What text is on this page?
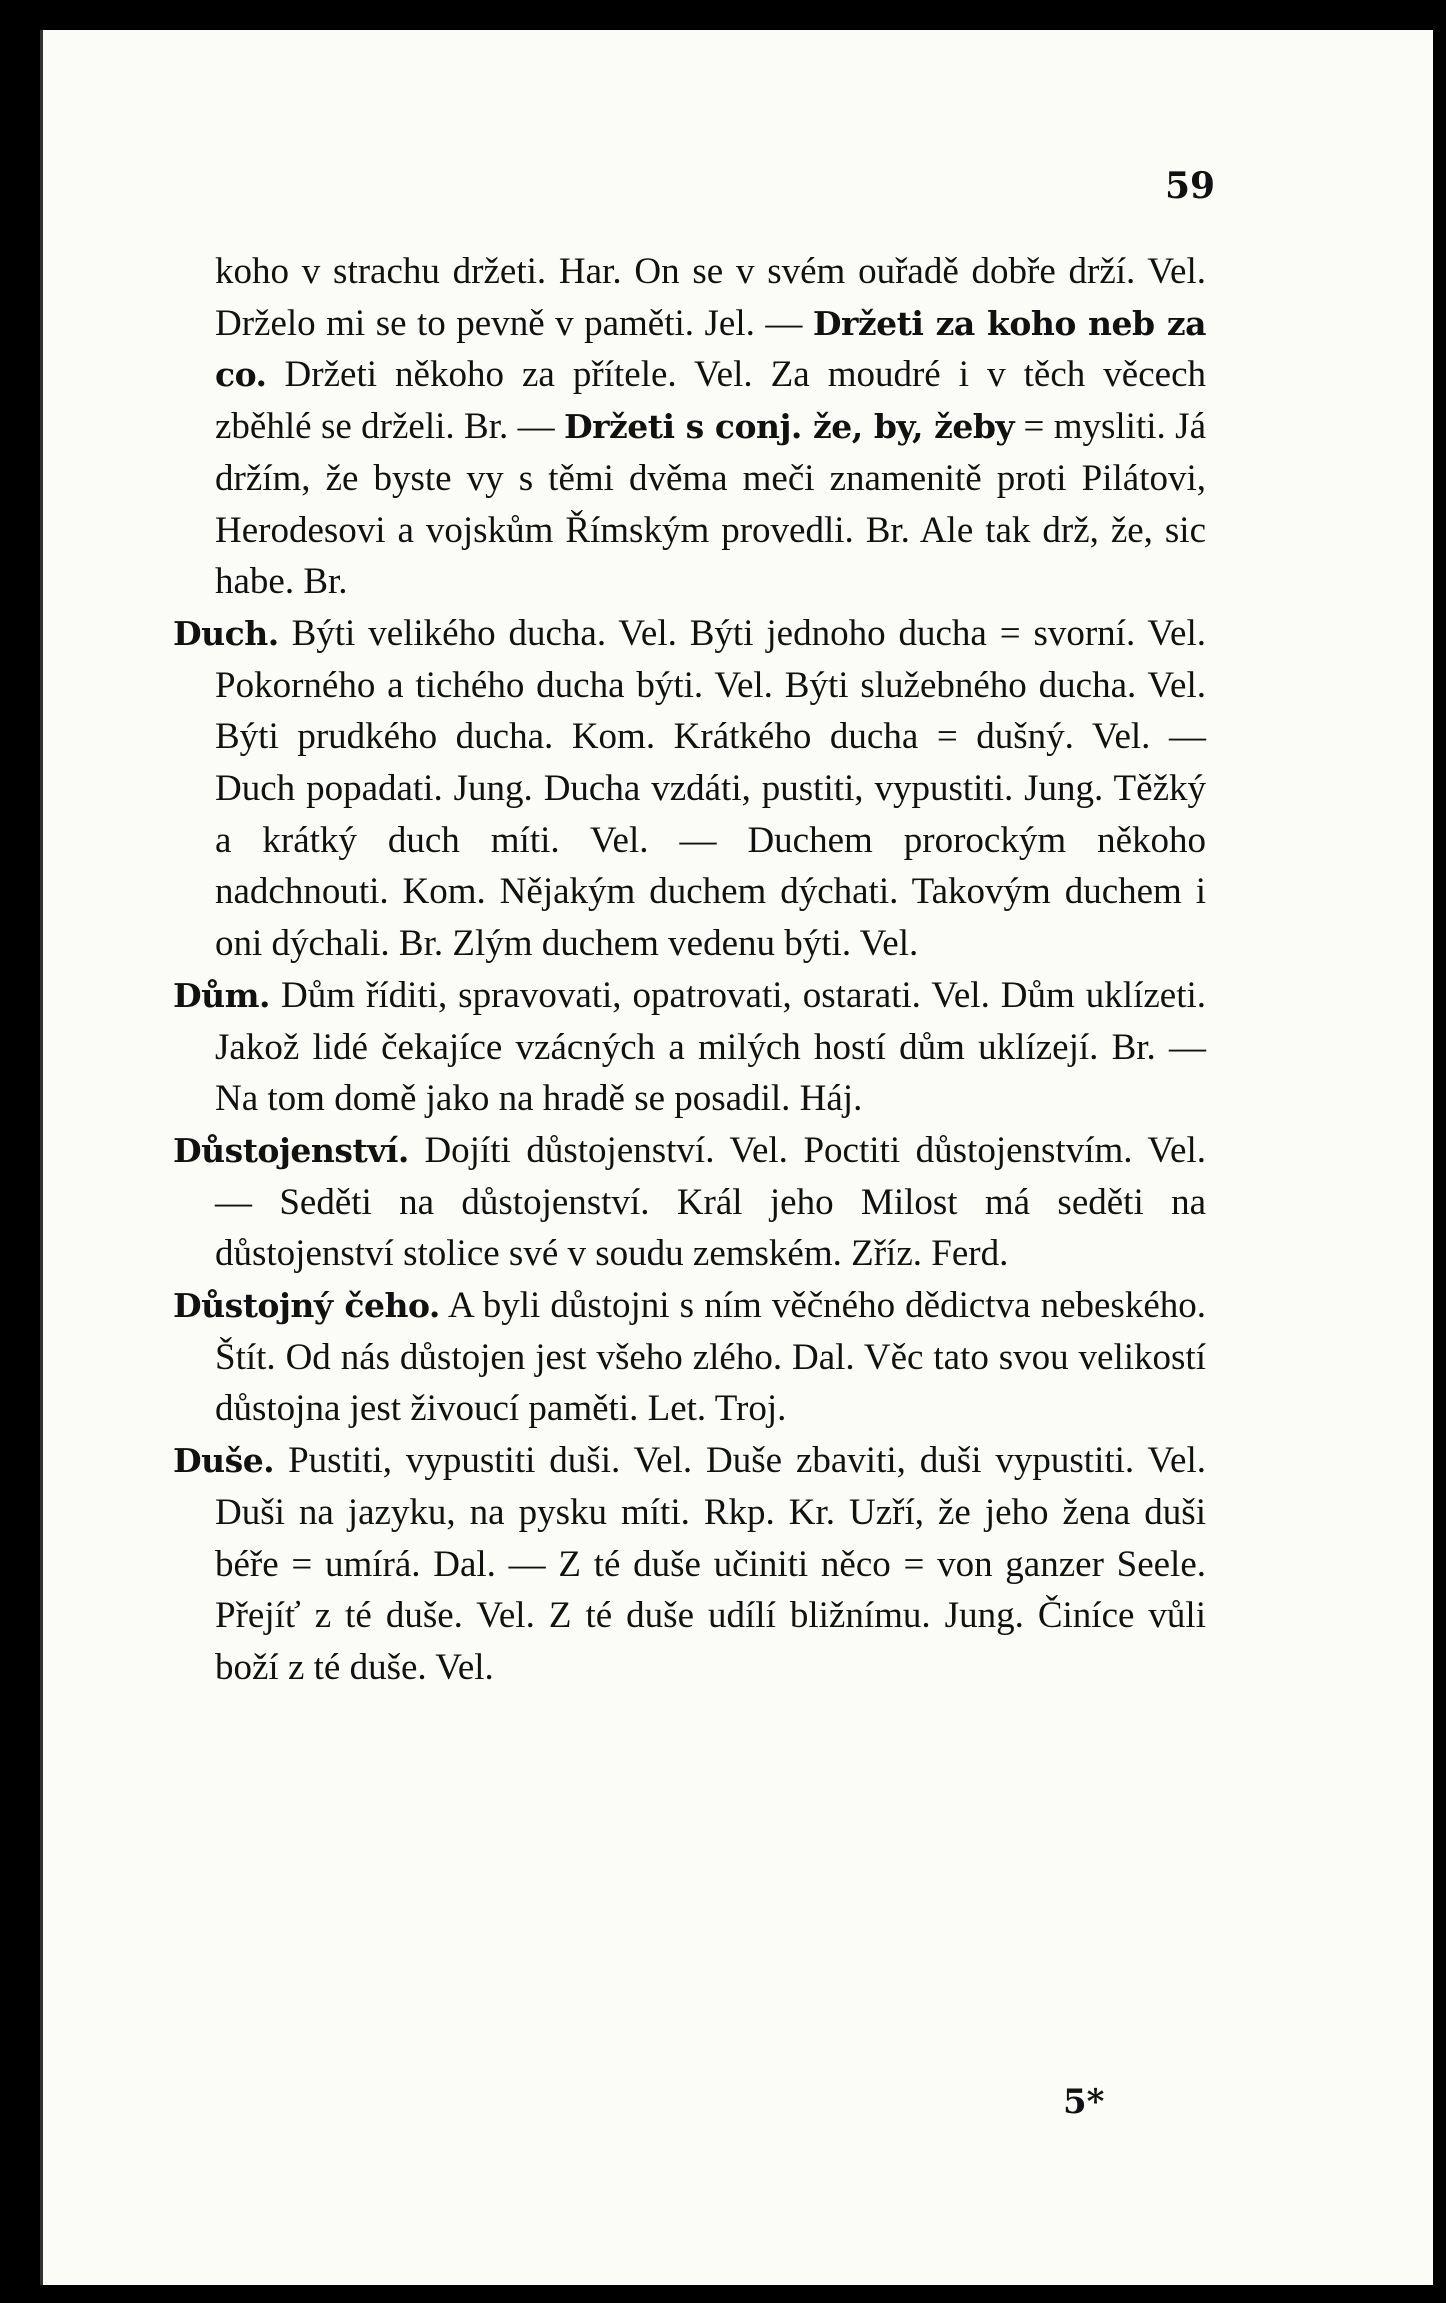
59

koho v strachu držeti. Har. On se v svém ouřadě dobře drží. Vel. Drželo mi se to pevně v paměti. Jel. — Držeti za koho neb za co. Držeti někoho za přítele. Vel. Za moudré i v těch věcech zběhlé se drželi. Br. — Držeti s conj. že, by, žeby = mysliti. Já držím, že byste vy s těmi dvěma meči znamenitě proti Pilátovi, Herodesovi a vojskům Římským provedli. Br. Ale tak drž, že, sic habe. Br.

Duch. Býti velikého ducha. Vel. Býti jednoho ducha = svorní. Vel. Pokorného a tichého ducha býti. Vel. Býti služebného ducha. Vel. Býti prudkého ducha. Kom. Krátkého ducha = dušný. Vel. — Duch popadati. Jung. Ducha vzdáti, pustiti, vypustiti. Jung. Těžký a krátký duch míti. Vel. — Duchem prorockým někoho nadchnouti. Kom. Nějakým duchem dýchati. Takovým duchem i oni dýchali. Br. Zlým duchem vedenu býti. Vel.

Dům. Dům říditi, spravovati, opatrovati, ostarati. Vel. Dům uklízeti. Jakož lidé čekajíce vzácných a milých hostí dům uklízejí. Br. — Na tom domě jako na hradě se posadil. Háj.

Důstojenství. Dojíti důstojenství. Vel. Poctiti důstojenstvím. Vel. — Seděti na důstojenství. Král jeho Milost má seděti na důstojenství stolice své v soudu zemském. Zříz. Ferd.

Důstojný čeho. A byli důstojni s ním věčného dědictva nebeského. Štít. Od nás důstojen jest všeho zlého. Dal. Věc tato svou velikostí důstojna jest živoucí paměti. Let. Troj.

Duše. Pustiti, vypustiti duši. Vel. Duše zbaviti, duši vypustiti. Vel. Duši na jazyku, na pysku míti. Rkp. Kr. Uzří, že jeho žena duši béře = umírá. Dal. — Z té duše učiniti něco = von ganzer Seele. Přejíť z té duše. Vel. Z té duše udílí bližnímu. Jung. Činíce vůli boží z té duše. Vel.

5*
